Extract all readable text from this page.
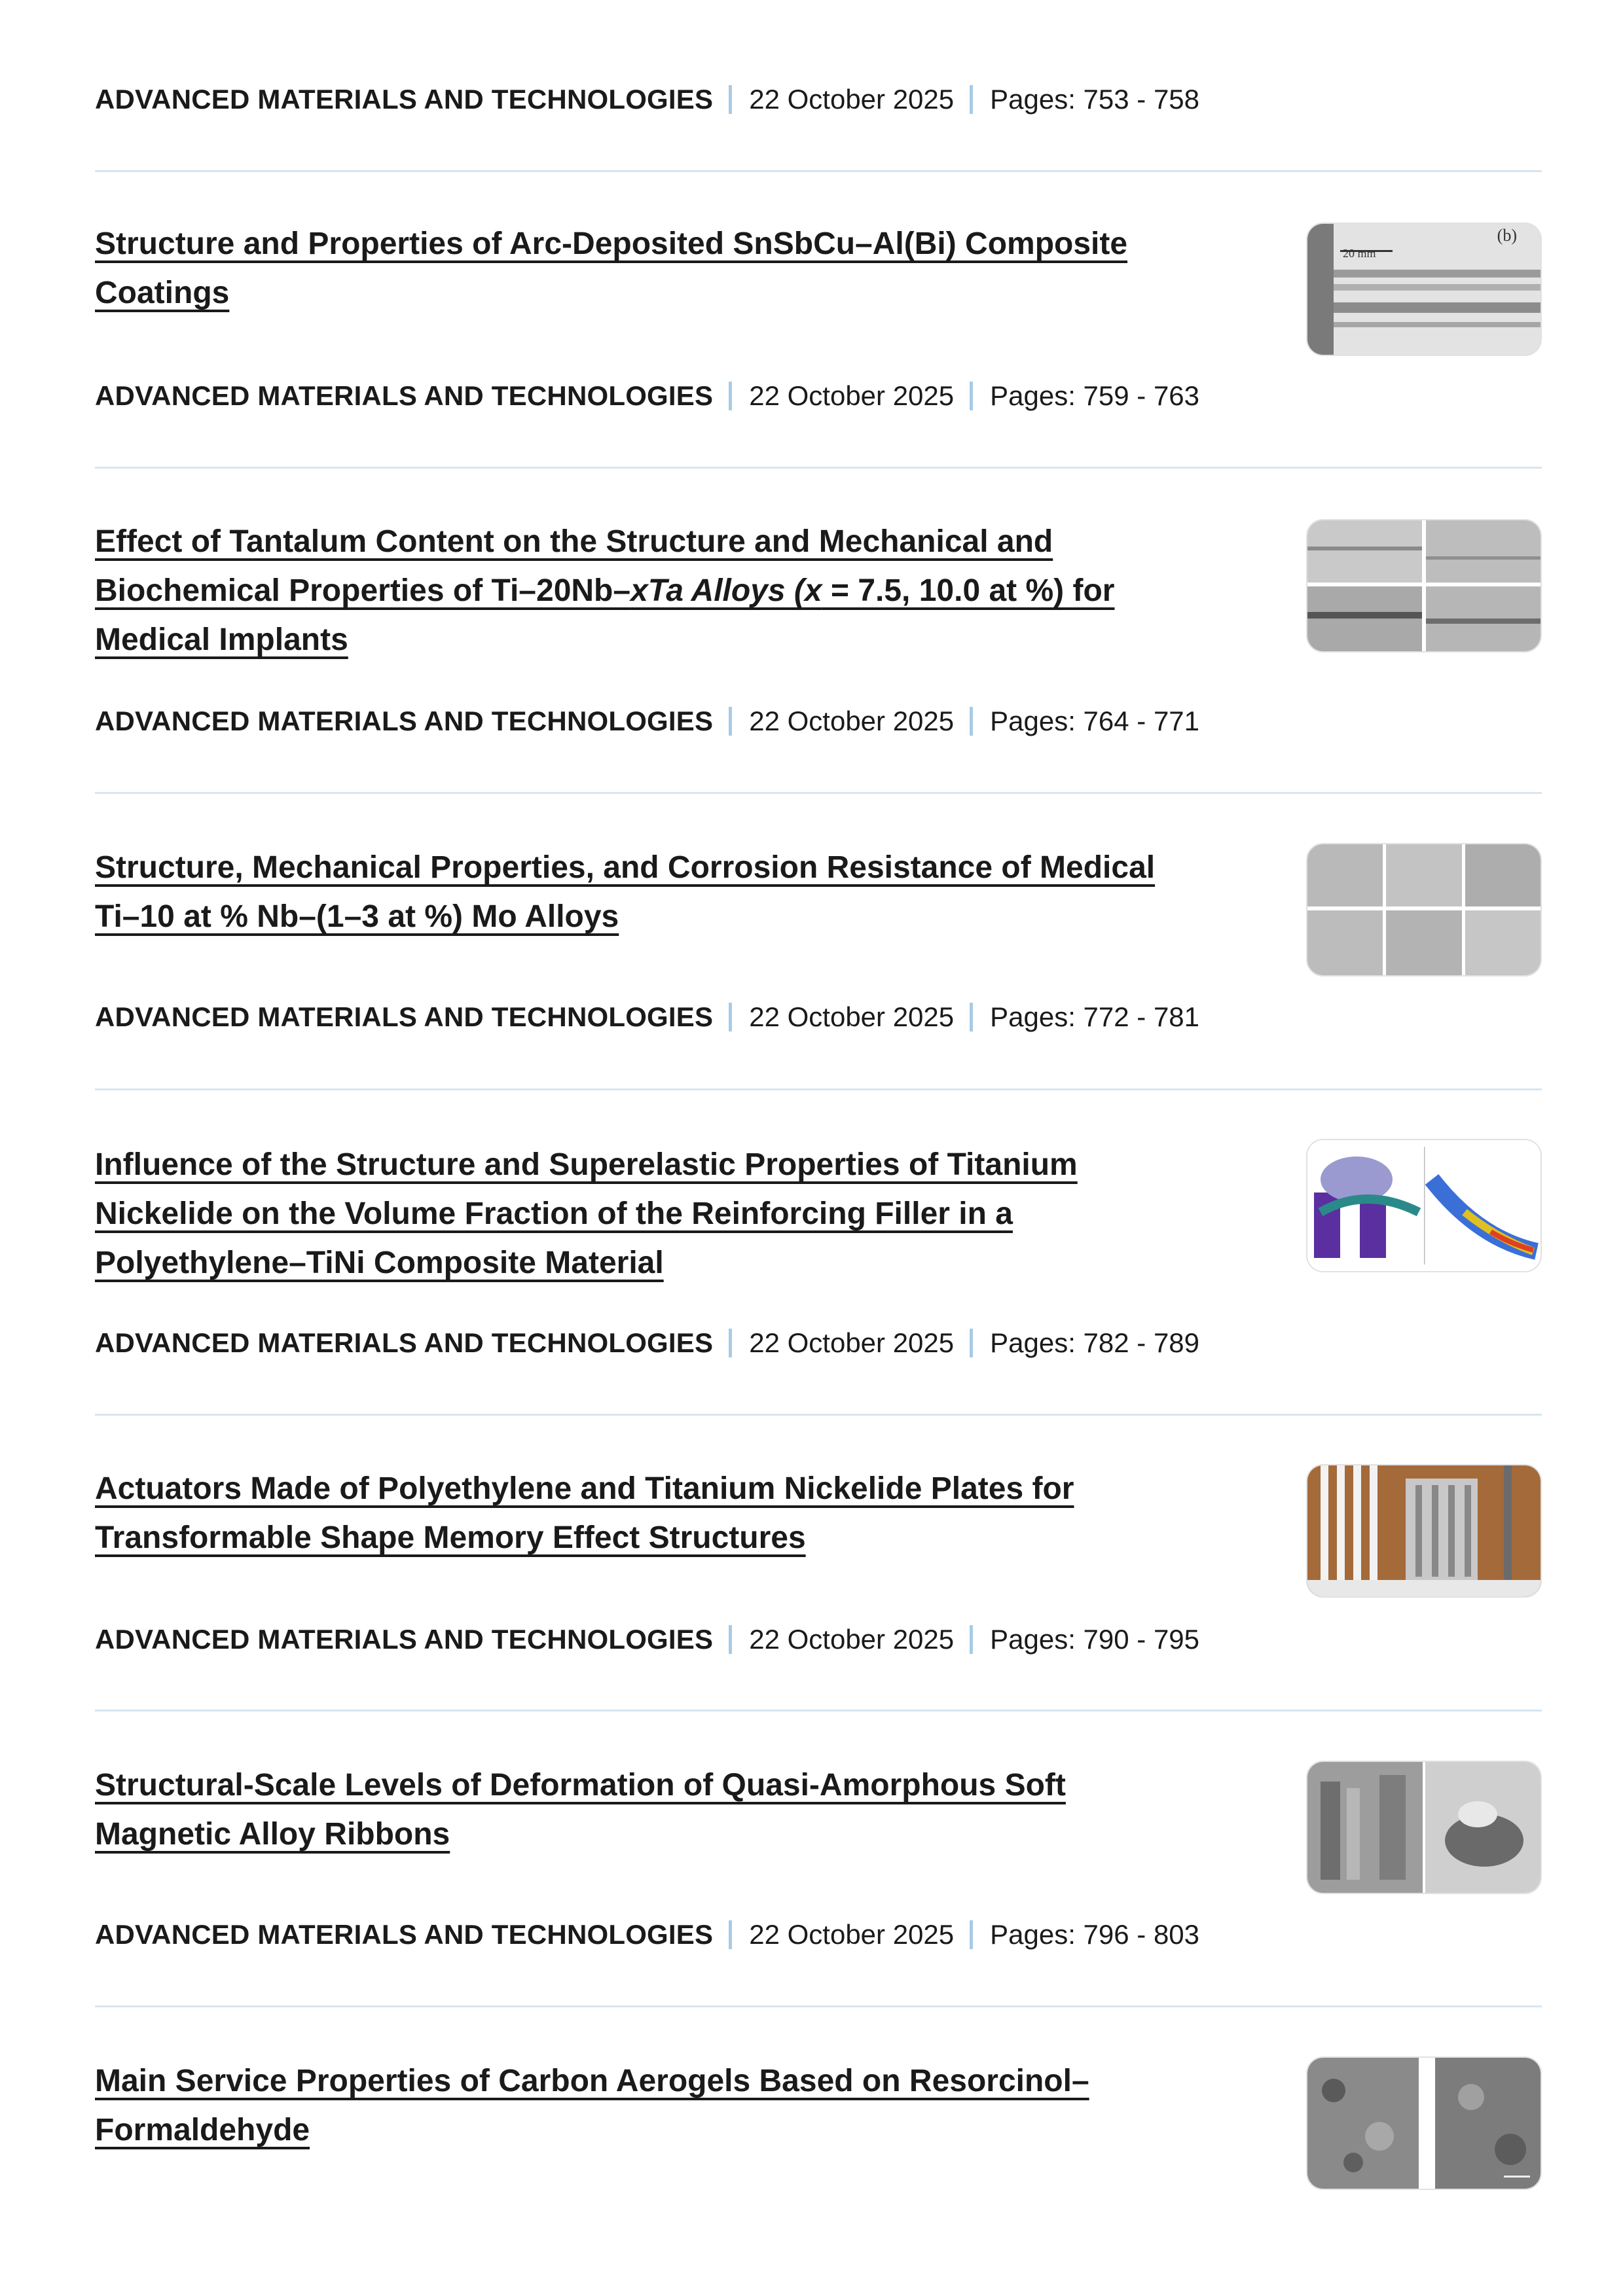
ADVANCED MATERIALS AND TECHNOLOGIES 22 October 2025 Pages: 753 - 758
Structure and Properties of Arc-Deposited SnSbCu–Al(Bi) Composite
Coatings
(b)
20 mm
ADVANCED MATERIALS AND TECHNOLOGIES 22 October 2025 Pages: 759 - 763
Effect of Tantalum Content on the Structure and Mechanical and
Biochemical Properties of Ti–20Nb–xTa Alloys (x = 7.5, 10.0 at %) for
Medical Implants
ADVANCED MATERIALS AND TECHNOLOGIES 22 October 2025 Pages: 764 - 771
Structure, Mechanical Properties, and Corrosion Resistance of Medical
Ti–10 at % Nb–(1–3 at %) Mo Alloys
ADVANCED MATERIALS AND TECHNOLOGIES 22 October 2025 Pages: 772 - 781
Influence of the Structure and Superelastic Properties of Titanium
Nickelide on the Volume Fraction of the Reinforcing Filler in a
Polyethylene–TiNi Composite Material
ADVANCED MATERIALS AND TECHNOLOGIES 22 October 2025 Pages: 782 - 789
Actuators Made of Polyethylene and Titanium Nickelide Plates for
Transformable Shape Memory Effect Structures
ADVANCED MATERIALS AND TECHNOLOGIES 22 October 2025 Pages: 790 - 795
Structural-Scale Levels of Deformation of Quasi-Amorphous Soft
Magnetic Alloy Ribbons
ADVANCED MATERIALS AND TECHNOLOGIES 22 October 2025 Pages: 796 - 803
Main Service Properties of Carbon Aerogels Based on Resorcinol–
Formaldehyde
